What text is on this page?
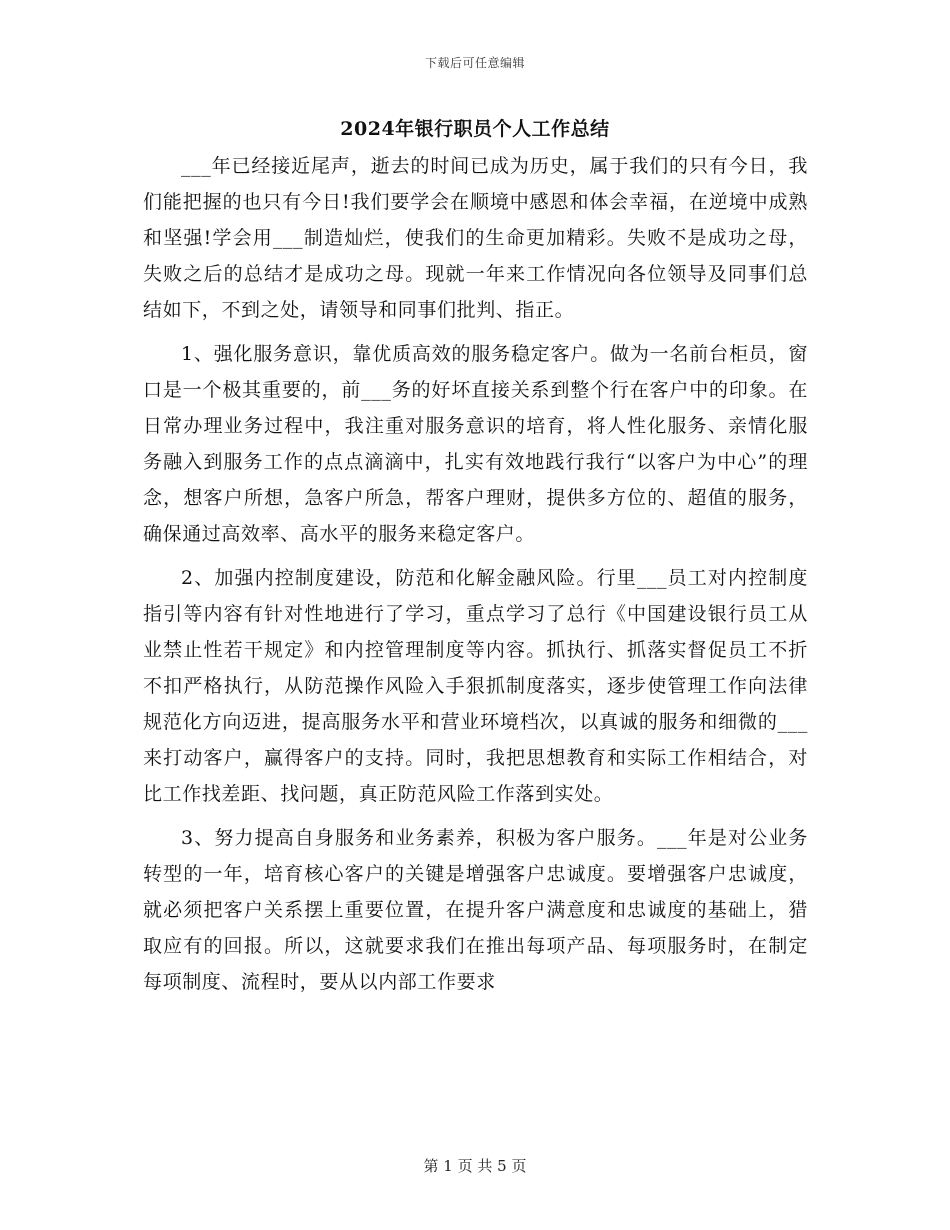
下载后可任意编辑
2024年银行职员个人工作总结

___年已经接近尾声，逝去的时间已成为历史，属于我们的只有今日，我们能把握的也只有今日!我们要学会在顺境中感恩和体会幸福，在逆境中成熟和坚强!学会用___制造灿烂，使我们的生命更加精彩。失败不是成功之母，失败之后的总结才是成功之母。现就一年来工作情况向各位领导及同事们总结如下，不到之处，请领导和同事们批判、指正。

1、强化服务意识，靠优质高效的服务稳定客户。做为一名前台柜员，窗口是一个极其重要的，前___务的好坏直接关系到整个行在客户中的印象。在日常办理业务过程中，我注重对服务意识的培育，将人性化服务、亲情化服务融入到服务工作的点点滴滴中，扎实有效地践行我行“以客户为中心”的理念，想客户所想，急客户所急，帮客户理财，提供多方位的、超值的服务，确保通过高效率、高水平的服务来稳定客户。

2、加强内控制度建设，防范和化解金融风险。行里___员工对内控制度指引等内容有针对性地进行了学习，重点学习了总行《中国建设银行员工从业禁止性若干规定》和内控管理制度等内容。抓执行、抓落实督促员工不折不扣严格执行，从防范操作风险入手狠抓制度落实，逐步使管理工作向法律规范化方向迈进，提高服务水平和营业环境档次，以真诚的服务和细微的___来打动客户，赢得客户的支持。同时，我把思想教育和实际工作相结合，对比工作找差距、找问题，真正防范风险工作落到实处。

3、努力提高自身服务和业务素养，积极为客户服务。___年是对公业务转型的一年，培育核心客户的关键是增强客户忠诚度。要增强客户忠诚度，就必须把客户关系摆上重要位置，在提升客户满意度和忠诚度的基础上，猎取应有的回报。所以，这就要求我们在推出每项产品、每项服务时，在制定每项制度、流程时，要从以内部工作要求

第 1 页 共 5 页
